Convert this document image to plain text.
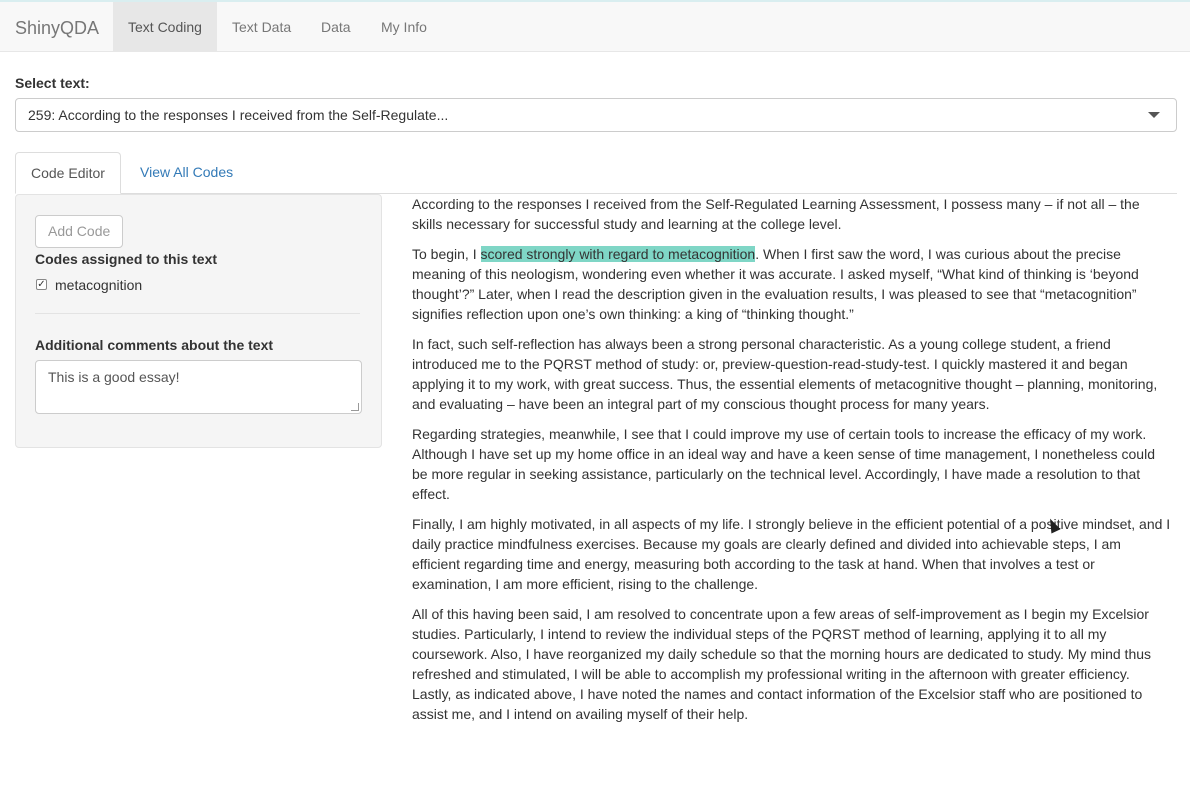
ShinyQDA	Text Coding	Text Data	Data	My Info
Select text:
259: According to the responses I received from the Self-Regulate...
Code Editor	View All Codes
Add Code
Codes assigned to this text
✓ metacognition
Additional comments about the text
This is a good essay!

According to the responses I received from the Self-Regulated Learning Assessment, I possess many – if not all – the skills necessary for successful study and learning at the college level.

To begin, I scored strongly with regard to metacognition. When I first saw the word, I was curious about the precise meaning of this neologism, wondering even whether it was accurate. I asked myself, “What kind of thinking is ‘beyond thought’?” Later, when I read the description given in the evaluation results, I was pleased to see that “metacognition” signifies reflection upon one’s own thinking: a king of “thinking thought.”

In fact, such self-reflection has always been a strong personal characteristic. As a young college student, a friend introduced me to the PQRST method of study: or, preview-question-read-study-test. I quickly mastered it and began applying it to my work, with great success. Thus, the essential elements of metacognitive thought – planning, monitoring, and evaluating – have been an integral part of my conscious thought process for many years.

Regarding strategies, meanwhile, I see that I could improve my use of certain tools to increase the efficacy of my work. Although I have set up my home office in an ideal way and have a keen sense of time management, I nonetheless could be more regular in seeking assistance, particularly on the technical level. Accordingly, I have made a resolution to that effect.

Finally, I am highly motivated, in all aspects of my life. I strongly believe in the efficient potential of a positive mindset, and I daily practice mindfulness exercises. Because my goals are clearly defined and divided into achievable steps, I am efficient regarding time and energy, measuring both according to the task at hand. When that involves a test or examination, I am more efficient, rising to the challenge.

All of this having been said, I am resolved to concentrate upon a few areas of self-improvement as I begin my Excelsior studies. Particularly, I intend to review the individual steps of the PQRST method of learning, applying it to all my coursework. Also, I have reorganized my daily schedule so that the morning hours are dedicated to study. My mind thus refreshed and stimulated, I will be able to accomplish my professional writing in the afternoon with greater efficiency. Lastly, as indicated above, I have noted the names and contact information of the Excelsior staff who are positioned to assist me, and I intend on availing myself of their help.
